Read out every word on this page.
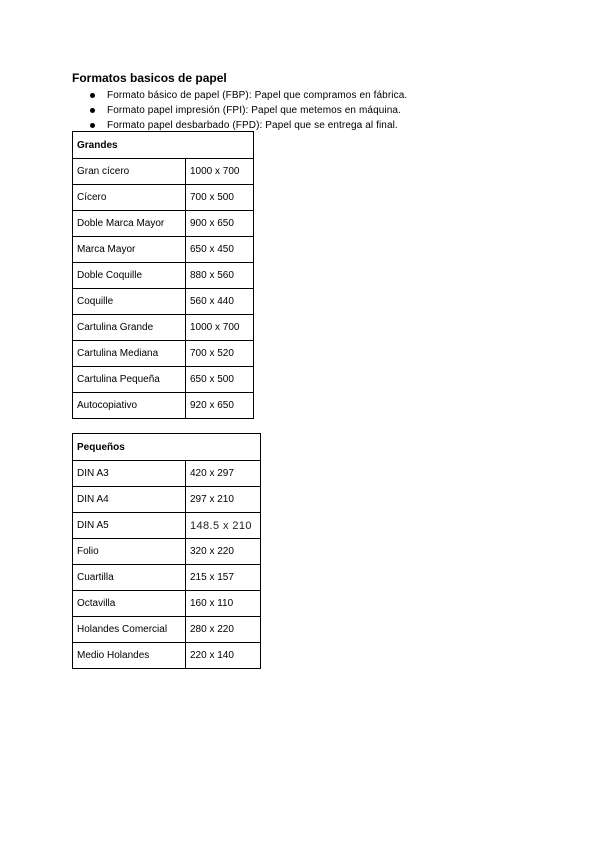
Formatos basicos de papel
Formato básico de papel (FBP): Papel que compramos en fábrica.
Formato papel impresión (FPI): Papel que metemos en máquina.
Formato papel desbarbado (FPD): Papel que se entrega al final.
Grandes	
Gran cícero	1000 x 700
Cícero	700 x 500
Doble Marca Mayor	900 x 650
Marca Mayor	650 x 450
Doble Coquille	880 x 560
Coquille	560 x 440
Cartulina Grande	1000 x 700
Cartulina Mediana	700 x 520
Cartulina Pequeña	650 x 500
Autocopiativo	920 x 650
Pequeños	
DIN A3	420 x 297
DIN A4	297 x 210
DIN A5	148.5 x 210
Folio	320 x 220
Cuartilla	215 x 157
Octavilla	160 x 110
Holandes Comercial	280 x 220
Medio Holandes	220 x 140
